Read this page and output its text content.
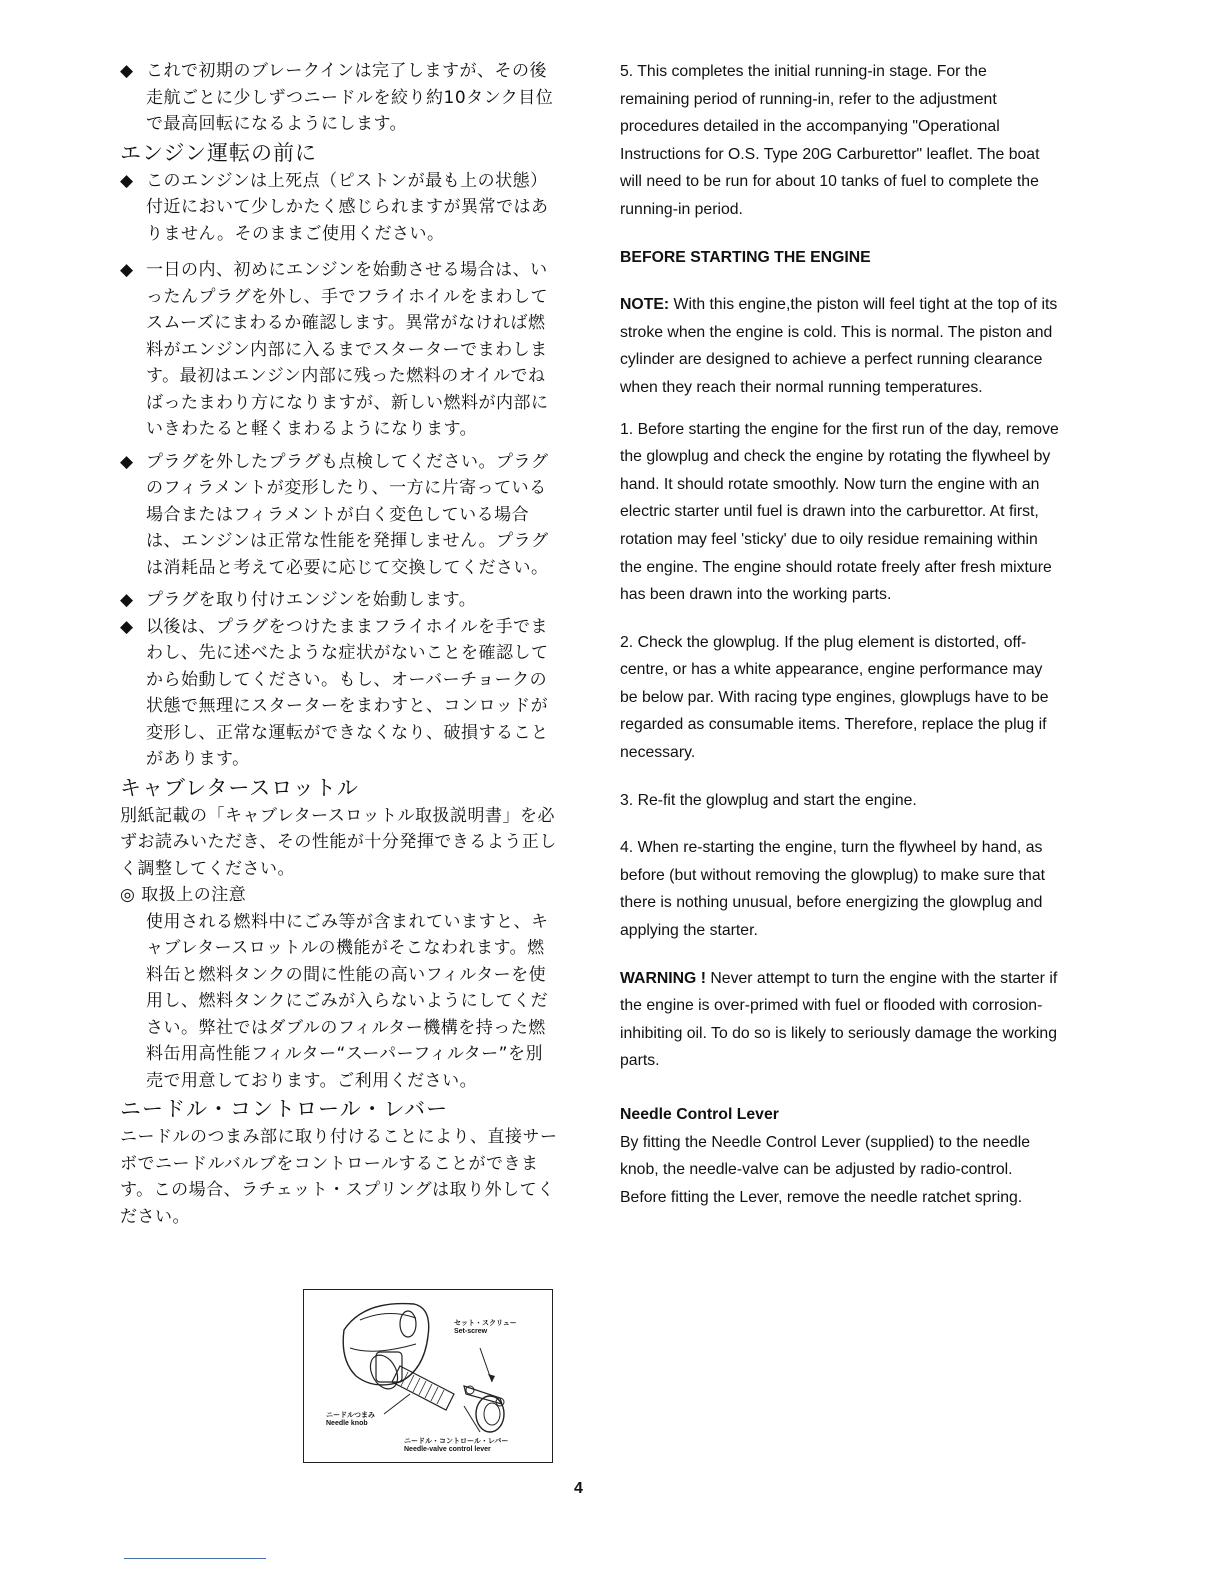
◆ これで初期のブレークインは完了しますが、その後走航ごとに少しずつニードルを絞り約10タンク目位で最高回転になるようにします。

エンジン運転の前に

◆ このエンジンは上死点（ピストンが最も上の状態）付近において少しかたく感じられますが異常ではありません。そのままご使用ください。

◆ 一日の内、初めにエンジンを始動させる場合は、いったんプラグを外し、手でフライホイルをまわしてスムーズにまわるか確認します。異常がなければ燃料がエンジン内部に入るまでスターターでまわします。最初はエンジン内部に残った燃料のオイルでねばったまわり方になりますが、新しい燃料が内部にいきわたると軽くまわるようになります。

◆ プラグを外したプラグも点検してください。プラグのフィラメントが変形したり、一方に片寄っている場合またはフィラメントが白く変色している場合は、エンジンは正常な性能を発揮しません。プラグは消耗品と考えて必要に応じて交換してください。

◆ プラグを取り付けエンジンを始動します。

◆ 以後は、プラグをつけたままフライホイルを手でまわし、先に述べたような症状がないことを確認してから始動してください。もし、オーバーチョークの状態で無理にスターターをまわすと、コンロッドが変形し、正常な運転ができなくなり、破損することがあります。

キャブレタースロットル

別紙記載の「キャブレタースロットル取扱説明書」を必ずお読みいただき、その性能が十分発揮できるよう正しく調整してください。

◎ 取扱上の注意

使用される燃料中にごみ等が含まれていますと、キャブレタースロットルの機能がそこなわれます。燃料缶と燃料タンクの間に性能の高いフィルターを使用し、燃料タンクにごみが入らないようにしてください。弊社ではダブルのフィルター機構を持った燃料缶用高性能フィルター“スーパーフィルター”を別売で用意しております。ご利用ください。

ニードル・コントロール・レバー

ニードルのつまみ部に取り付けることにより、直接サーボでニードルバルブをコントロールすることができます。この場合、ラチェット・スプリングは取り外してください。

セット・スクリュー
Set-screw
ニードルつまみ
Needle knob
ニードル・コントロール・レバー
Needle-valve control lever

5. This completes the initial running-in stage. For the remaining period of running-in, refer to the adjustment procedures detailed in the accompanying "Operational Instructions for O.S. Type 20G Carburettor" leaflet. The boat will need to be run for about 10 tanks of fuel to complete the running-in period.

BEFORE STARTING THE ENGINE

NOTE: With this engine,the piston will feel tight at the top of its stroke when the engine is cold. This is normal. The piston and cylinder are designed to achieve a perfect running clearance when they reach their normal running temperatures.

1. Before starting the engine for the first run of the day, remove the glowplug and check the engine by rotating the flywheel by hand. It should rotate smoothly. Now turn the engine with an electric starter until fuel is drawn into the carburettor. At first, rotation may feel 'sticky' due to oily residue remaining within the engine. The engine should rotate freely after fresh mixture has been drawn into the working parts.

2. Check the glowplug. If the plug element is distorted, off-centre, or has a white appearance, engine performance may be below par. With racing type engines, glowplugs have to be regarded as consumable items. Therefore, replace the plug if necessary.

3. Re-fit the glowplug and start the engine.

4. When re-starting the engine, turn the flywheel by hand, as before (but without removing the glowplug) to make sure that there is nothing unusual, before energizing the glowplug and applying the starter.

WARNING ! Never attempt to turn the engine with the starter if the engine is over-primed with fuel or flooded with corrosion-inhibiting oil. To do so is likely to seriously damage the working parts.

Needle Control Lever

By fitting the Needle Control Lever (supplied) to the needle knob, the needle-valve can be adjusted by radio-control. Before fitting the Lever, remove the needle ratchet spring.

4
